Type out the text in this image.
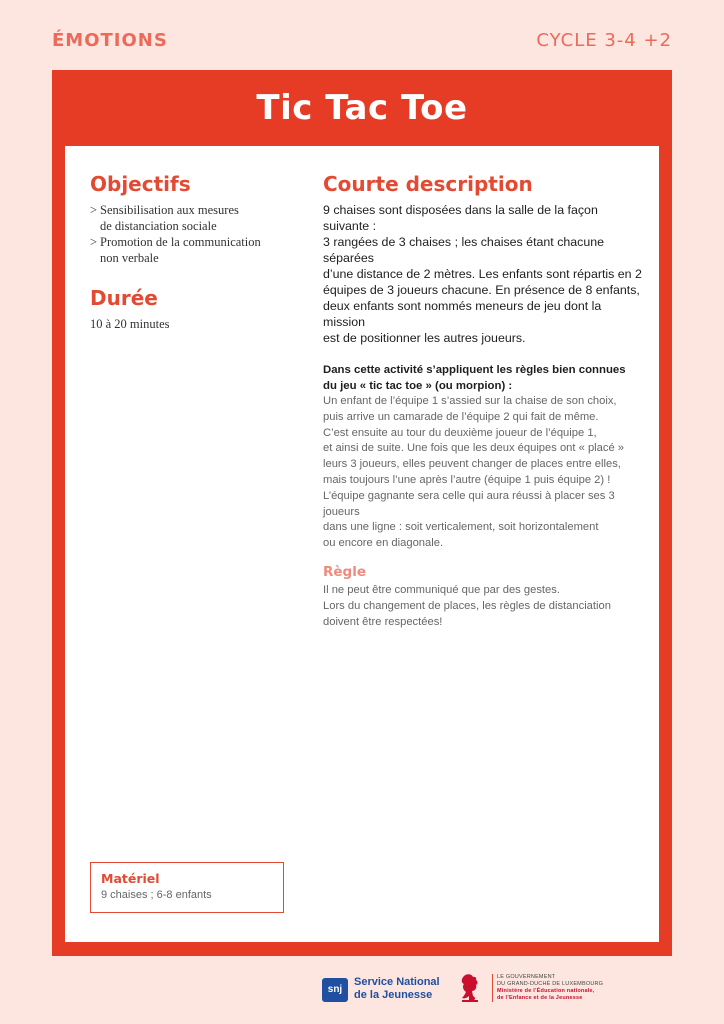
ÉMOTIONS	CYCLE 3-4 +2
Tic Tac Toe
Objectifs
> Sensibilisation aux mesures
de distanciation sociale
> Promotion de la communication
non verbale
Durée
10 à 20 minutes
Courte description
9 chaises sont disposées dans la salle de la façon suivante :
3 rangées de 3 chaises ; les chaises étant chacune séparées
d’une distance de 2 mètres. Les enfants sont répartis en 2
équipes de 3 joueurs chacune. En présence de 8 enfants,
deux enfants sont nommés meneurs de jeu dont la mission
est de positionner les autres joueurs.
Dans cette activité s’appliquent les règles bien connues
du jeu « tic tac toe » (ou morpion) :
Un enfant de l’équipe 1 s’assied sur la chaise de son choix,
puis arrive un camarade de l’équipe 2 qui fait de même.
C’est ensuite au tour du deuxième joueur de l’équipe 1,
et ainsi de suite. Une fois que les deux équipes ont « placé »
leurs 3 joueurs, elles peuvent changer de places entre elles,
mais toujours l’une après l’autre (équipe 1 puis équipe 2) !
L’équipe gagnante sera celle qui aura réussi à placer ses 3 joueurs
dans une ligne : soit verticalement, soit horizontalement
ou encore en diagonale.
Règle
Il ne peut être communiqué que par des gestes.
Lors du changement de places, les règles de distanciation
doivent être respectées!
Matériel
9 chaises ; 6-8 enfants
snj
Service National
de la Jeunesse
LE GOUVERNEMENT
DU GRAND-DUCHÉ DE LUXEMBOURG
Ministère de l’Éducation nationale,
de l’Enfance et de la Jeunesse
